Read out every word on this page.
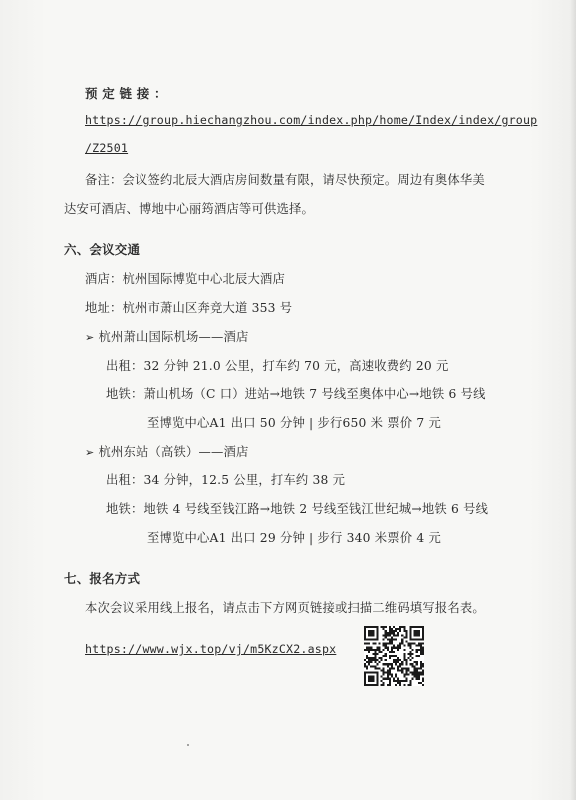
预 定 链 接 ：
https://group.hiechangzhou.com/index.php/home/Index/index/group
/Z2501
备注：会议签约北辰大酒店房间数量有限，请尽快预定。周边有奥体华美
达安可酒店、博地中心丽筠酒店等可供选择。
六、会议交通
酒店：杭州国际博览中心北辰大酒店
地址：杭州市萧山区奔竞大道 353 号
➢ 杭州萧山国际机场——酒店
出租：32 分钟 21.0 公里，打车约 70 元，高速收费约 20 元
地铁：萧山机场（C 口）进站→地铁 7 号线至奥体中心→地铁 6 号线
至博览中心A1 出口 50 分钟 | 步行650 米 票价 7 元
➢ 杭州东站（高铁）——酒店
出租：34 分钟，12.5 公里，打车约 38 元
地铁：地铁 4 号线至钱江路→地铁 2 号线至钱江世纪城→地铁 6 号线
至博览中心A1 出口 29 分钟 | 步行 340 米票价 4 元
七、报名方式
本次会议采用线上报名，请点击下方网页链接或扫描二维码填写报名表。
https://www.wjx.top/vj/m5KzCX2.aspx
